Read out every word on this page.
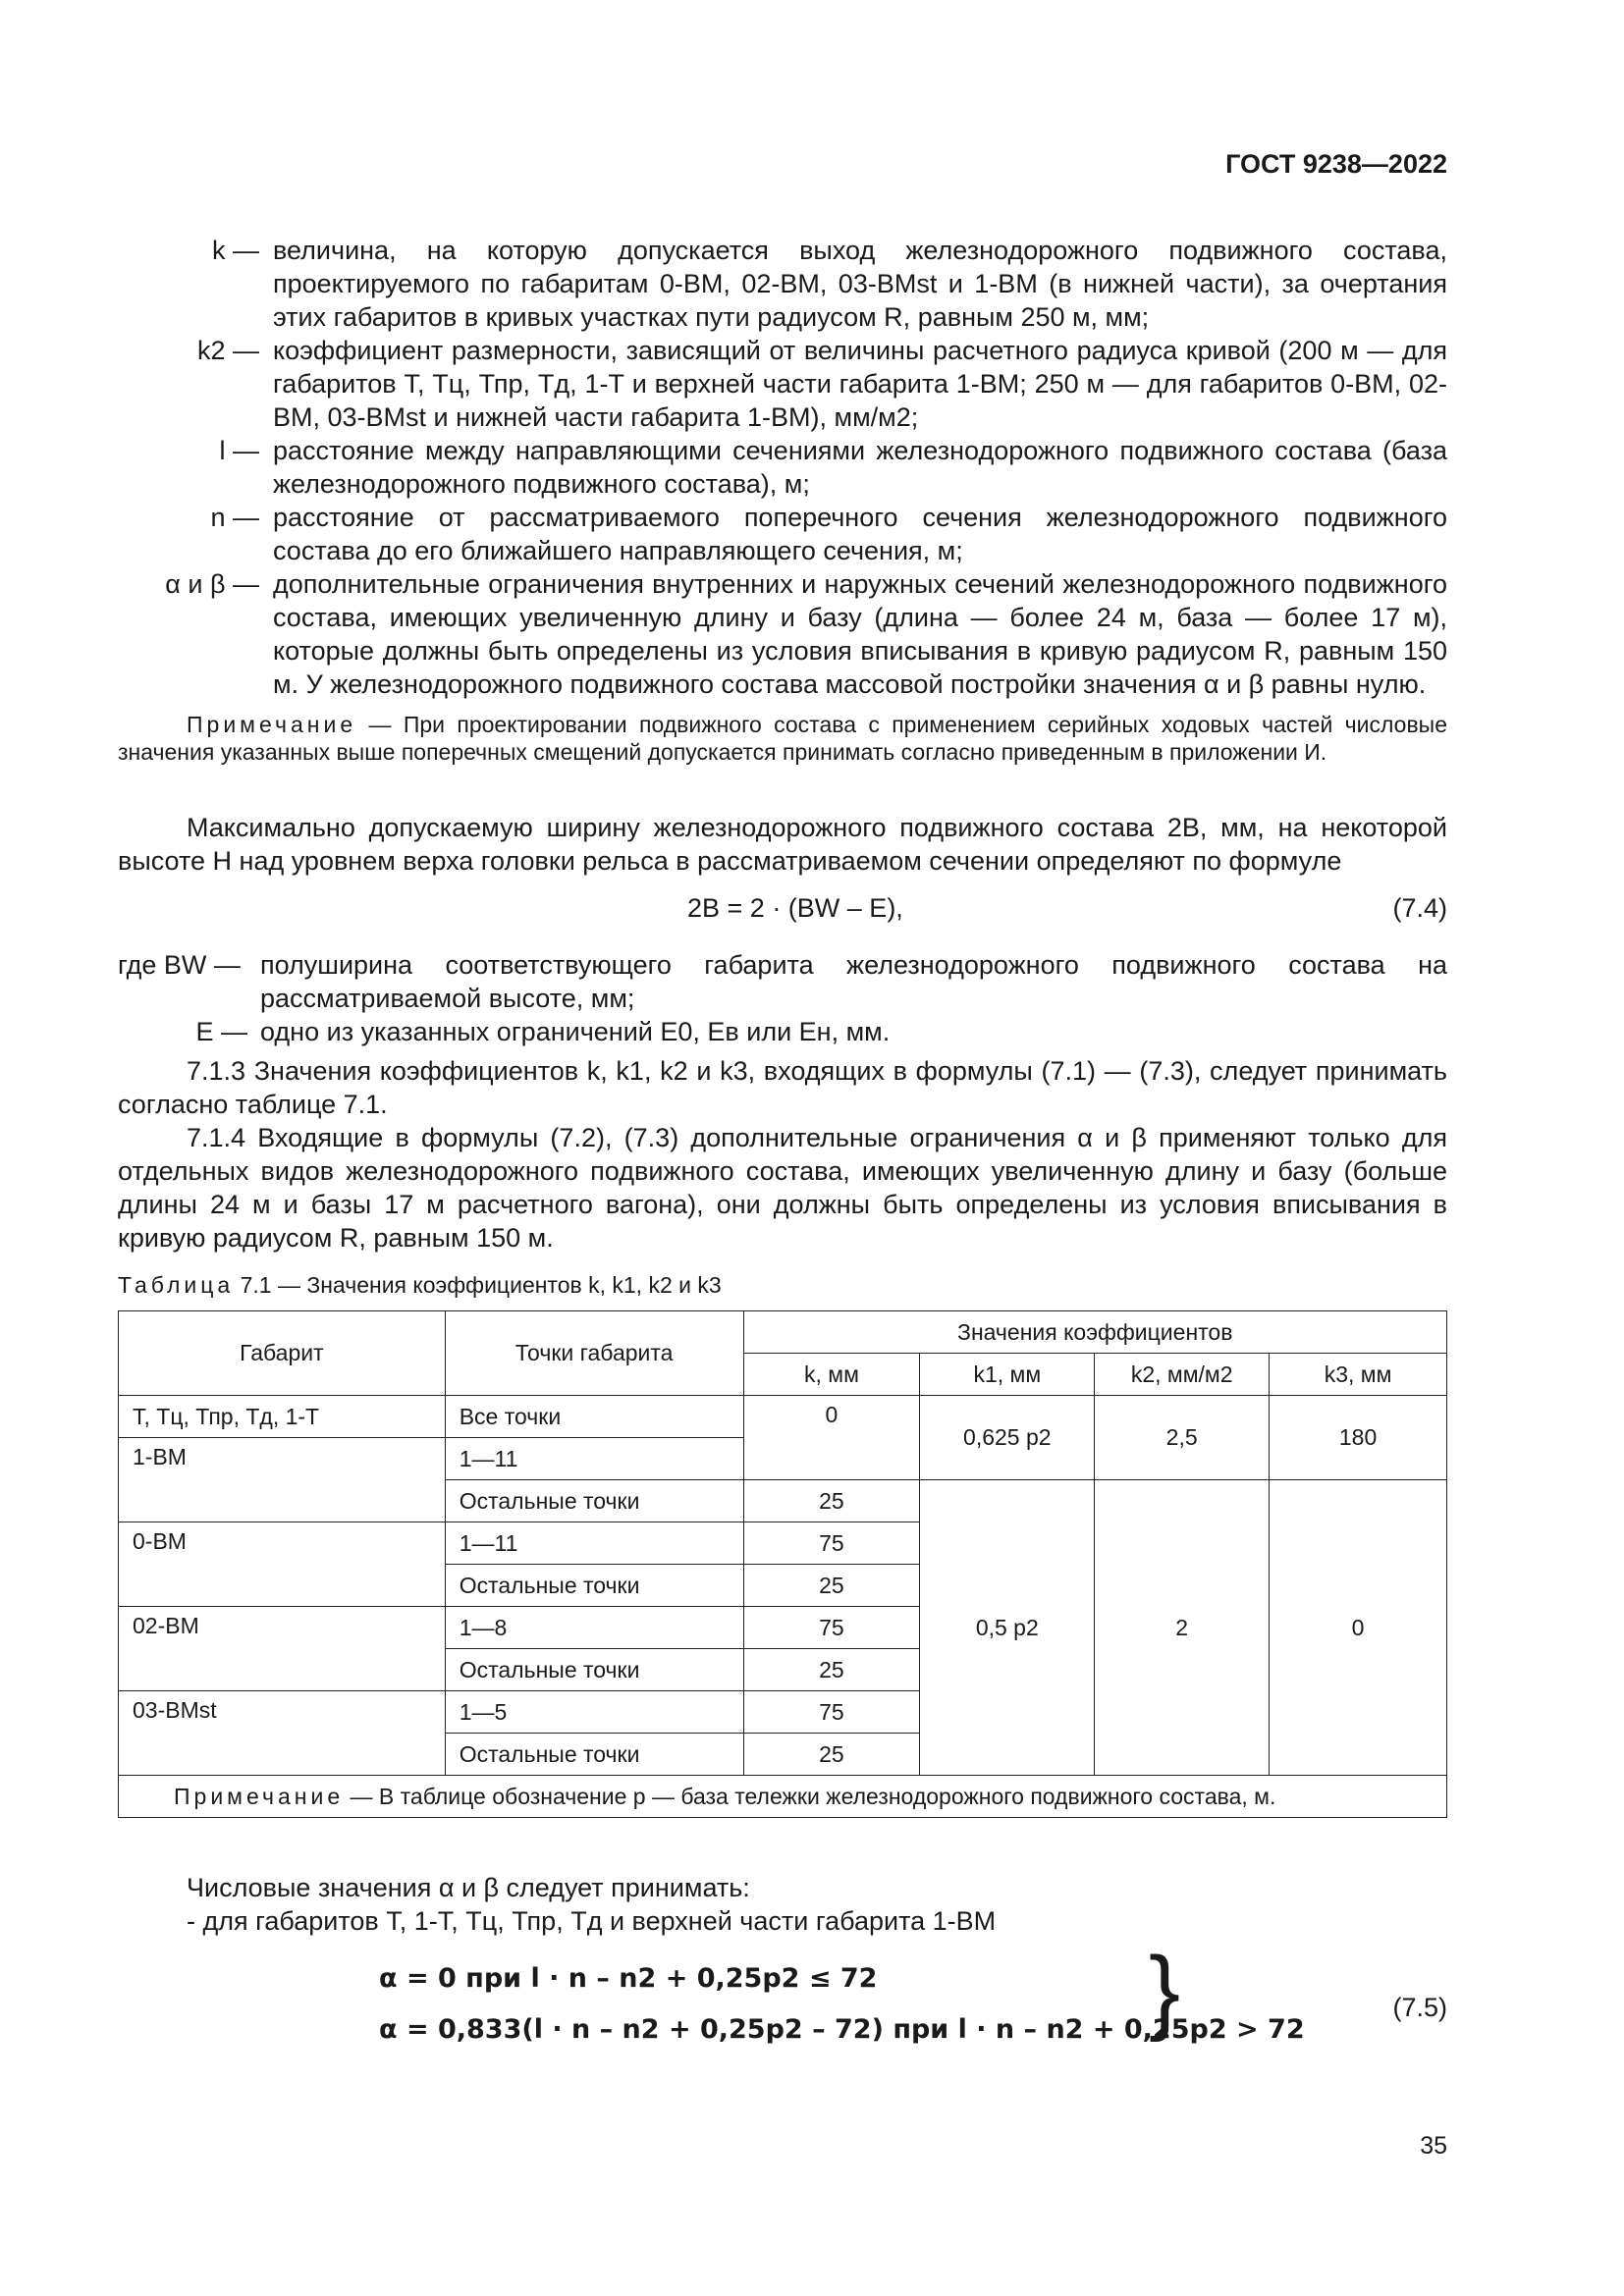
ГОСТ 9238—2022
k — величина, на которую допускается выход железнодорожного подвижного состава, проектируемого по габаритам 0-ВМ, 02-ВМ, 03-ВМst и 1-ВМ (в нижней части), за очертания этих габаритов в кривых участках пути радиусом R, равным 250 м, мм;
k2 — коэффициент размерности, зависящий от величины расчетного радиуса кривой (200 м — для габаритов Т, Тц, Тпр, Тд, 1-Т и верхней части габарита 1-ВМ; 250 м — для габаритов 0-ВМ, 02-ВМ, 03-ВМst и нижней части габарита 1-ВМ), мм/м2;
l — расстояние между направляющими сечениями железнодорожного подвижного состава (база железнодорожного подвижного состава), м;
n — расстояние от рассматриваемого поперечного сечения железнодорожного подвижного состава до его ближайшего направляющего сечения, м;
α и β — дополнительные ограничения внутренних и наружных сечений железнодорожного подвижного состава, имеющих увеличенную длину и базу (длина — более 24 м, база — более 17 м), которые должны быть определены из условия вписывания в кривую радиусом R, равным 150 м. У железнодорожного подвижного состава массовой постройки значения α и β равны нулю.
Примечание — При проектировании подвижного состава с применением серийных ходовых частей числовые значения указанных выше поперечных смещений допускается принимать согласно приведенным в приложении И.
Максимально допускаемую ширину железнодорожного подвижного состава 2В, мм, на некоторой высоте Н над уровнем верха головки рельса в рассматриваемом сечении определяют по формуле
2B = 2 · (BW – E),	(7.4)
где BW — полуширина соответствующего габарита железнодорожного подвижного состава на рассматриваемой высоте, мм;
E — одно из указанных ограничений E0, Eв или Eн, мм.
7.1.3 Значения коэффициентов k, k1, k2 и k3, входящих в формулы (7.1) — (7.3), следует принимать согласно таблице 7.1.
7.1.4 Входящие в формулы (7.2), (7.3) дополнительные ограничения α и β применяют только для отдельных видов железнодорожного подвижного состава, имеющих увеличенную длину и базу (больше длины 24 м и базы 17 м расчетного вагона), они должны быть определены из условия вписывания в кривую радиусом R, равным 150 м.
Таблица 7.1 — Значения коэффициентов k, k1, k2 и k3
Габарит	Точки габарита	Значения коэффициентов			
		k, мм	k1, мм	k2, мм/м2	k3, мм
Т, Тц, Тпр, Тд, 1-Т	Все точки	0	0,625 p2	2,5	180
1-ВМ	1—11				
	Остальные точки	25	0,5 p2	2	0
0-ВМ	1—11	75			
	Остальные точки	25			
02-ВМ	1—8	75			
	Остальные точки	25			
03-ВМst	1—5	75			
	Остальные точки	25			
Примечание — В таблице обозначение p — база тележки железнодорожного подвижного состава, м.					
Числовые значения α и β следует принимать:
- для габаритов Т, 1-Т, Тц, Тпр, Тд и верхней части габарита 1-ВМ
α = 0 при l · n – n2 + 0,25p2 ≤ 72
α = 0,833(l · n – n2 + 0,25p2 – 72) при l · n – n2 + 0,25p2 > 72
}	(7.5)
35
